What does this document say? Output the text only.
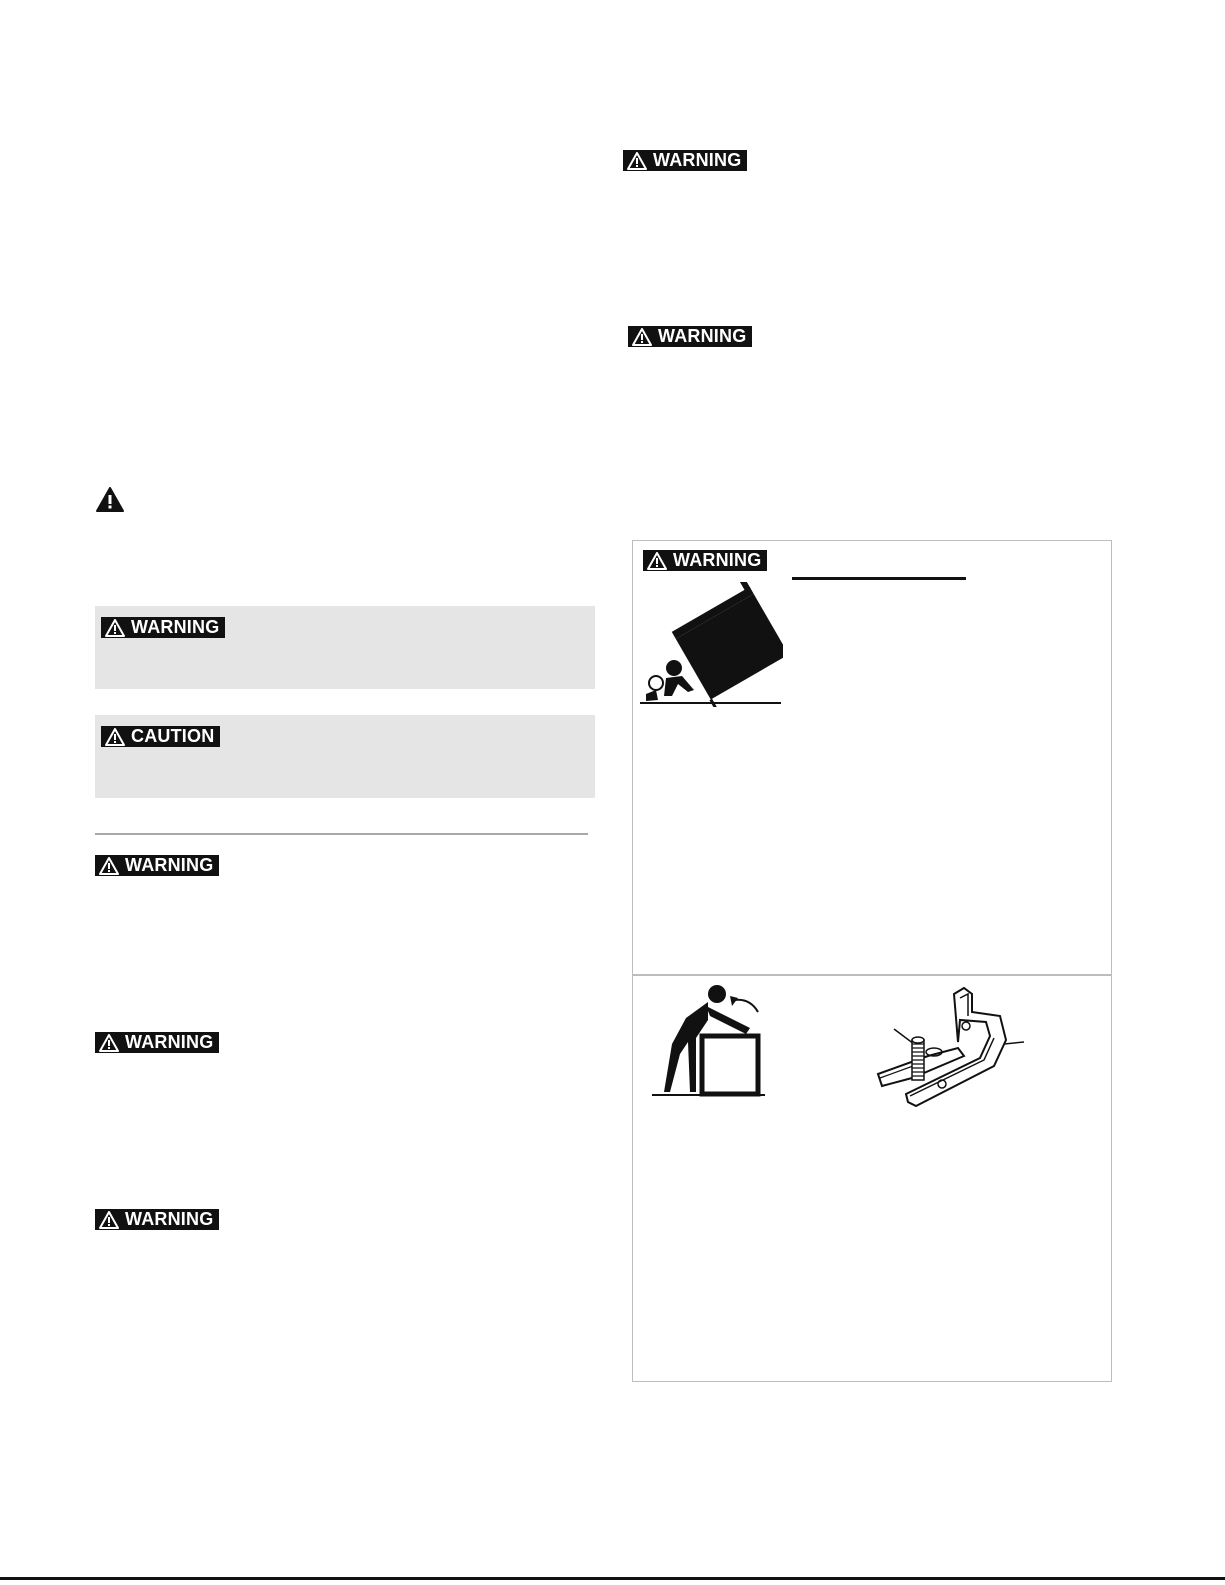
WARNING
CAUTION
WARNING
WARNING
WARNING
WARNING
WARNING
WARNING
